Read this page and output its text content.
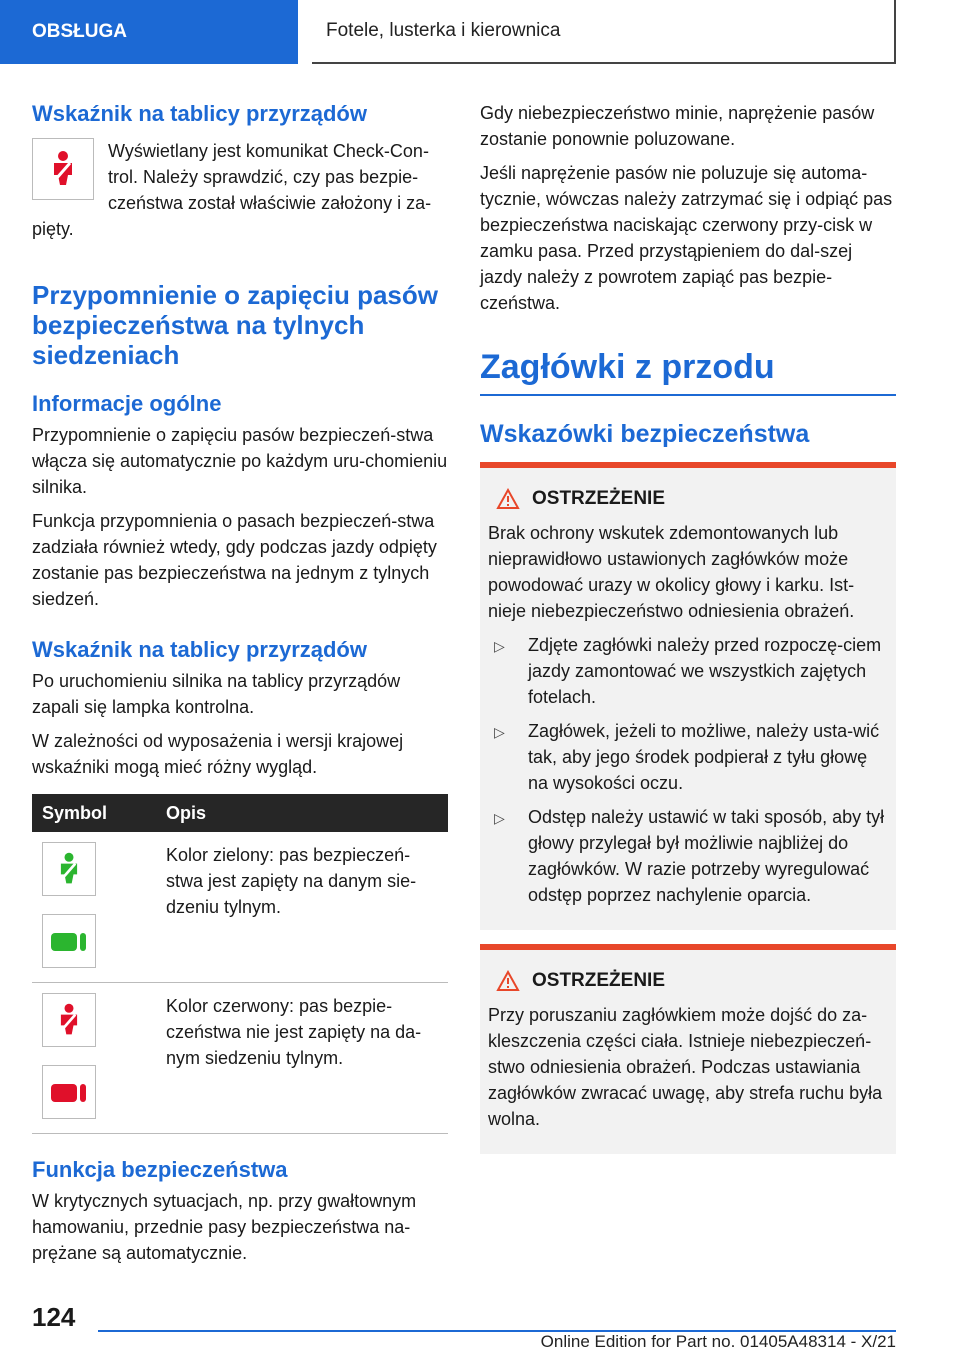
OBSŁUGA	Fotele, lusterka i kierownica
Wskaźnik na tablicy przyrządów

Wyświetlany jest komunikat Check-Con-trol. Należy sprawdzić, czy pas bezpie-czeństwa został właściwie założony i za-pięty.

Przypomnienie o zapięciu pasów bezpieczeństwa na tylnych siedzeniach
Informacje ogólne

Przypomnienie o zapięciu pasów bezpieczeń-stwa włącza się automatycznie po każdym uru-chomieniu silnika.

Funkcja przypomnienia o pasach bezpieczeń-stwa zadziała również wtedy, gdy podczas jazdy odpięty zostanie pas bezpieczeństwa na jednym z tylnych siedzeń.

Wskaźnik na tablicy przyrządów

Po uruchomieniu silnika na tablicy przyrządów zapali się lampka kontrolna.

W zależności od wyposażenia i wersji krajowej wskaźniki mogą mieć różny wygląd.

Symbol	Opis

	Kolor zielony: pas bezpieczeń-stwa jest zapięty na danym sie-dzeniu tylnym.

	Kolor czerwony: pas bezpie-czeństwa nie jest zapięty na da-nym siedzeniu tylnym.
Funkcja bezpieczeństwa

W krytycznych sytuacjach, np. przy gwałtownym hamowaniu, przednie pasy bezpieczeństwa na-prężane są automatycznie.

Gdy niebezpieczeństwo minie, naprężenie pasów zostanie ponownie poluzowane.

Jeśli naprężenie pasów nie poluzuje się automa-tycznie, wówczas należy zatrzymać się i odpiąć pas bezpieczeństwa naciskając czerwony przy-cisk w zamku pasa. Przed przystąpieniem do dal-szej jazdy należy z powrotem zapiąć pas bezpie-czeństwa.

Zagłówki z przodu
Wskazówki bezpieczeństwa
OSTRZEŻENIE

Brak ochrony wskutek zdemontowanych lub nieprawidłowo ustawionych zagłówków może powodować urazy w okolicy głowy i karku. Ist-nieje niebezpieczeństwo odniesienia obrażeń.

▷	Zdjęte zagłówki należy przed rozpoczę-ciem jazdy zamontować we wszystkich zajętych fotelach.
▷	Zagłówek, jeżeli to możliwe, należy usta-wić tak, aby jego środek podpierał z tyłu głowę na wysokości oczu.
▷	Odstęp należy ustawić w taki sposób, aby tył głowy przylegał był możliwie najbliżej do zagłówków. W razie potrzeby wyregulować odstęp poprzez nachylenie oparcia.
OSTRZEŻENIE

Przy poruszaniu zagłówkiem może dojść do za-kleszczenia części ciała. Istnieje niebezpieczeń-stwo odniesienia obrażeń. Podczas ustawiania zagłówków zwracać uwagę, aby strefa ruchu była wolna.

124
Online Edition for Part no. 01405A48314 - X/21
